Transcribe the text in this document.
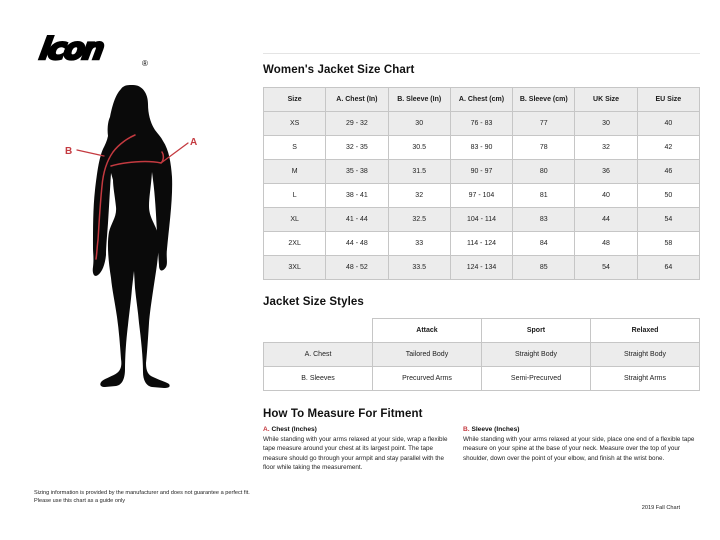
icon	®
B
A
Women's Jacket Size Chart
Size	A. Chest (In)	B. Sleeve (In)	A. Chest (cm)	B. Sleeve (cm)	UK Size	EU Size
XS	29 - 32	30	76 - 83	77	30	40
S	32 - 35	30.5	83 - 90	78	32	42
M	35 - 38	31.5	90 - 97	80	36	46
L	38 - 41	32	97 - 104	81	40	50
XL	41 - 44	32.5	104 - 114	83	44	54
2XL	44 - 48	33	114 - 124	84	48	58
3XL	48 - 52	33.5	124 - 134	85	54	64
Jacket Size Styles
	Attack	Sport	Relaxed
A. Chest	Tailored Body	Straight Body	Straight Body
B. Sleeves	Precurved Arms	Semi-Precurved	Straight Arms
How To Measure For Fitment

A. Chest (Inches)

While standing with your arms relaxed at your side, wrap a flexible tape measure around your chest at its largest point. The tape measure should go through your armpit and stay parallel with the floor while taking the measurement.

B. Sleeve (Inches)

While standing with your arms relaxed at your side, place one end of a flexible tape measure on your spine at the base of your neck. Measure over the top of your shoulder, down over the point of your elbow, and finish at the wrist bone.

Sizing information is provided by the manufacturer and does not guarantee a perfect fit.
Please use this chart as a guide only
2019 Fall Chart
